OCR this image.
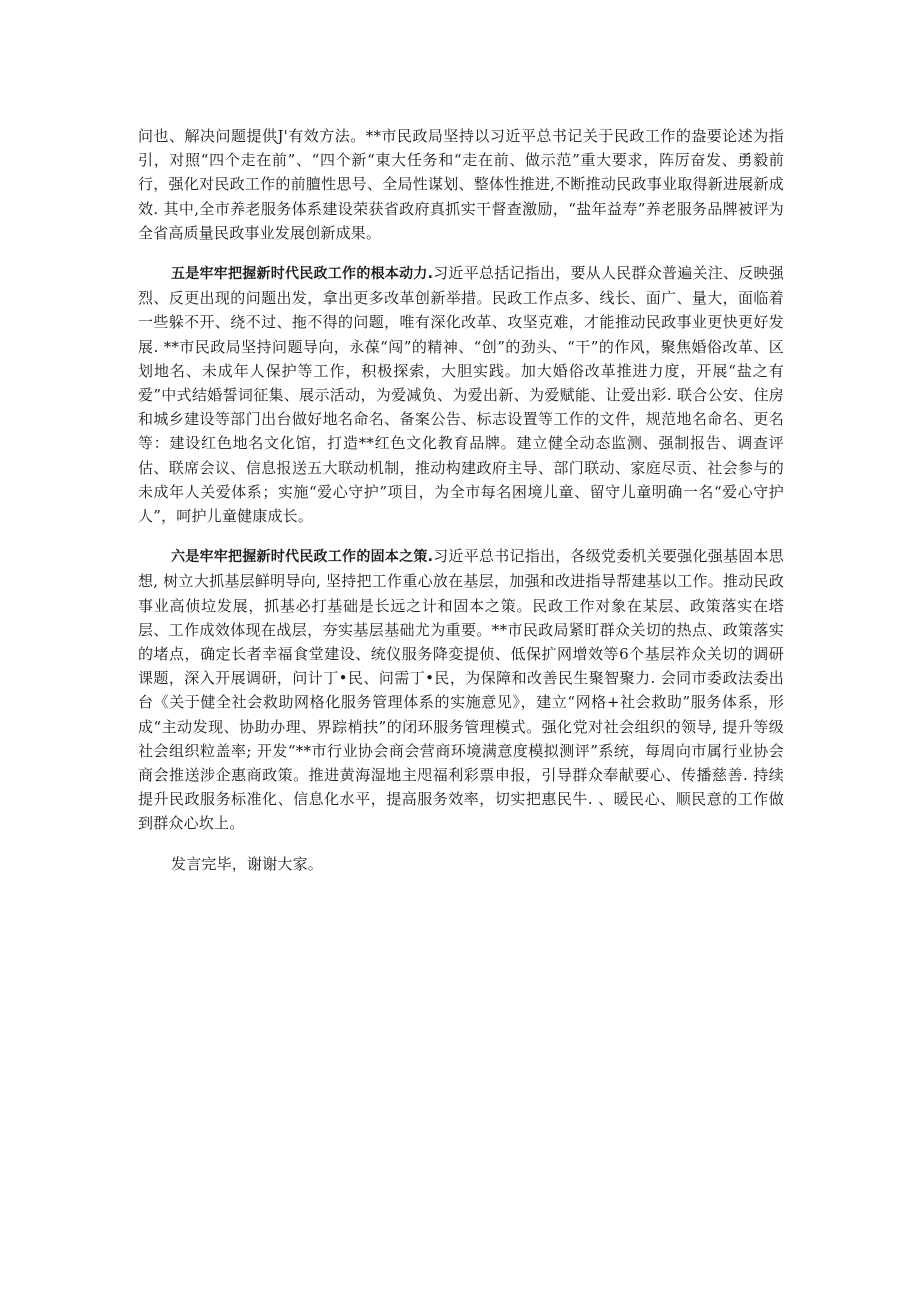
问也、解决问题提供J'有效方法。**市民政局坚持以习近平总书记关于民政工作的盎要论述为指引，对照“四个走在前”、“四个新“東大任务和“走在前、做示范”重大要求，阵厉奋发、勇毅前行，强化对民政工作的前膻性思号、全局性谋划、整体性推进,不断推动民政事业取得新进展新成效. 其中,全市养老服务体系建设荣获省政府真抓实干督查激励，“盐年益寿”养老服务品牌被评为全省高质量民政事业发展创新成果。

五是牢牢把握新时代民政工作的根本动力.习近平总括记指出，要从人民群众普遍关注、反映强烈、反更出现的问题出发，拿出更多改革创新举措。民政工作点多、线长、面广、量大，面临着一些躲不开、绕不过、拖不得的问题，唯有深化改革、攻坚克难，才能推动民政事业更快更好发展. **市民政局坚持问题导向，永葆“闯”的精神、“创”的劲头、“干”的作风，聚焦婚俗改革、区划地名、未成年人保护等工作，积极探索，大胆实践。加大婚俗改革推进力度，开展“盐之有爱”中式结婚誓词征集、展示活动，为爱减负、为爱出新、为爱赋能、让爱出彩. 联合公安、住房和城乡建设等部门出台做好地名命名、备案公告、标志设置等工作的文件，规范地名命名、更名等：建设红色地名文化馆，打造**红色文化教育品牌。建立健全动态监测、强制报告、调查评估、联席会议、信息报送五大联动机制，推动构建政府主导、部门联动、家庭尽贡、社会参与的未成年人关爱体系；实施“爱心守护”项目，为全市每名困境儿童、留守儿童明确一名“爱心守护人”，呵护儿童健康成长。

六是牢牢把握新时代民政工作的固本之策.习近平总书记指出，各级党委机关要强化强基固本思想, 树立大抓基层鲜明导向, 坚持把工作重心放在基层，加强和改进指导帮建基以工作。推动民政事业高侦垃发展，抓基必打基础是长远之计和固本之策。民政工作对象在某层、政策落实在塔层、工作成效体现在战层，夯实基层基础尤为重要。**市民政局紧盯群众关切的热点、政策落实的堵点，确定长者幸福食堂建设、统仪服务降変提侦、低保扩网增效等6个基层祚众关切的调研课题，深入开展调研，问计丁•民、问需丁•民，为保障和改善民生聚智聚力. 会同市委政法委出台《关于健全社会救助网格化服务管理体系的实施意见》，建立“网格+社会救助”服务体系，形成“主动发现、协助办理、界踪梢扶”的闭环服务管理模式。强化党对社会组织的领导, 提升等级社会组织粒盖率; 开发“**市行业协会商会营商环境满意度模拟测评”系统，每周向市属行业协会商会推送涉企惠商政策。推进黄海湿地主咫福利彩票申报，引导群众奉献要心、传播慈善. 持续提升民政服务标准化、信息化水平，提高服务效率，切实把惠民牛. 、暖民心、顺民意的工作做到群众心坎上。

发言完毕，谢谢大家。
